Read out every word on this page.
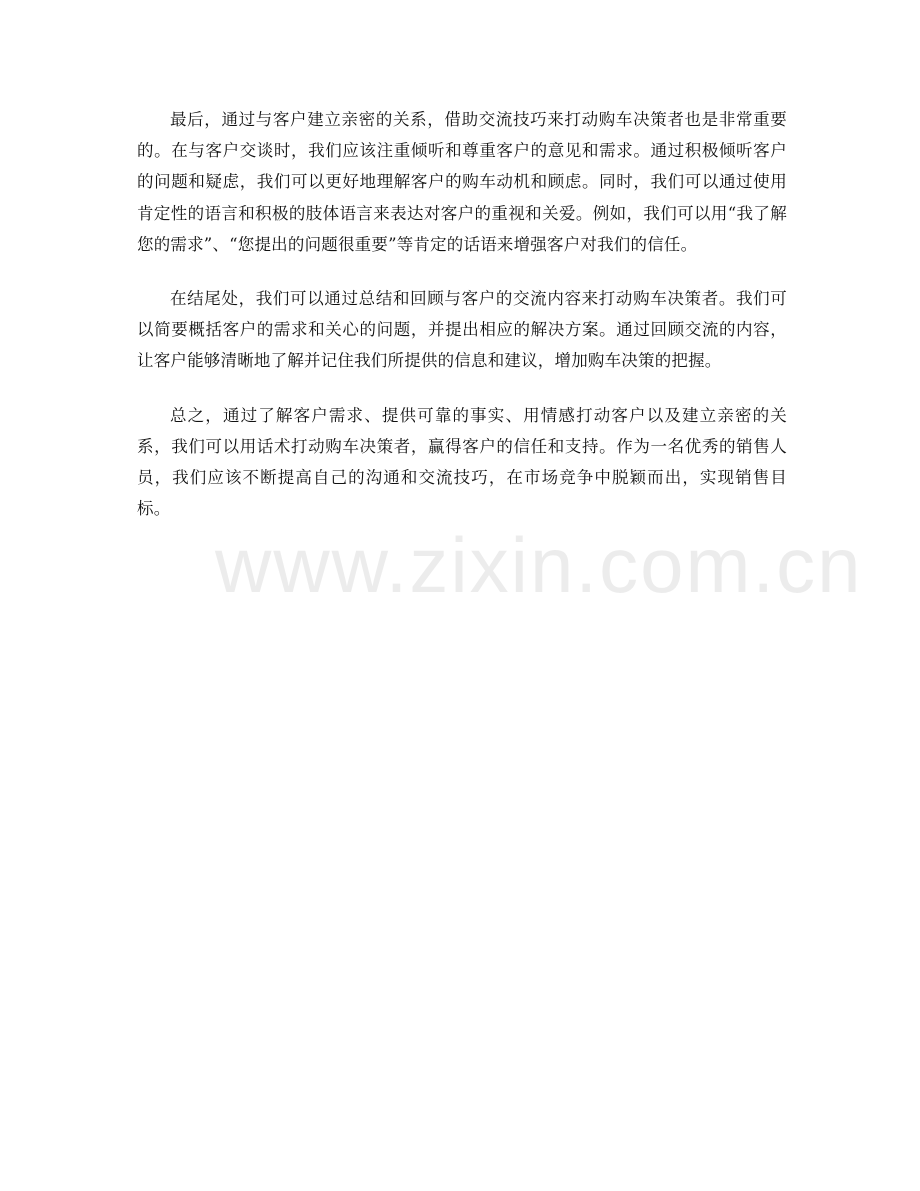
最后，通过与客户建立亲密的关系，借助交流技巧来打动购车决策者也是非常重要的。在与客户交谈时，我们应该注重倾听和尊重客户的意见和需求。通过积极倾听客户的问题和疑虑，我们可以更好地理解客户的购车动机和顾虑。同时，我们可以通过使用肯定性的语言和积极的肢体语言来表达对客户的重视和关爱。例如，我们可以用“我了解您的需求”、“您提出的问题很重要”等肯定的话语来增强客户对我们的信任。

在结尾处，我们可以通过总结和回顾与客户的交流内容来打动购车决策者。我们可以简要概括客户的需求和关心的问题，并提出相应的解决方案。通过回顾交流的内容，让客户能够清晰地了解并记住我们所提供的信息和建议，增加购车决策的把握。

总之，通过了解客户需求、提供可靠的事实、用情感打动客户以及建立亲密的关系，我们可以用话术打动购车决策者，赢得客户的信任和支持。作为一名优秀的销售人员，我们应该不断提高自己的沟通和交流技巧，在市场竞争中脱颖而出，实现销售目标。

www.zixin.com.cn
